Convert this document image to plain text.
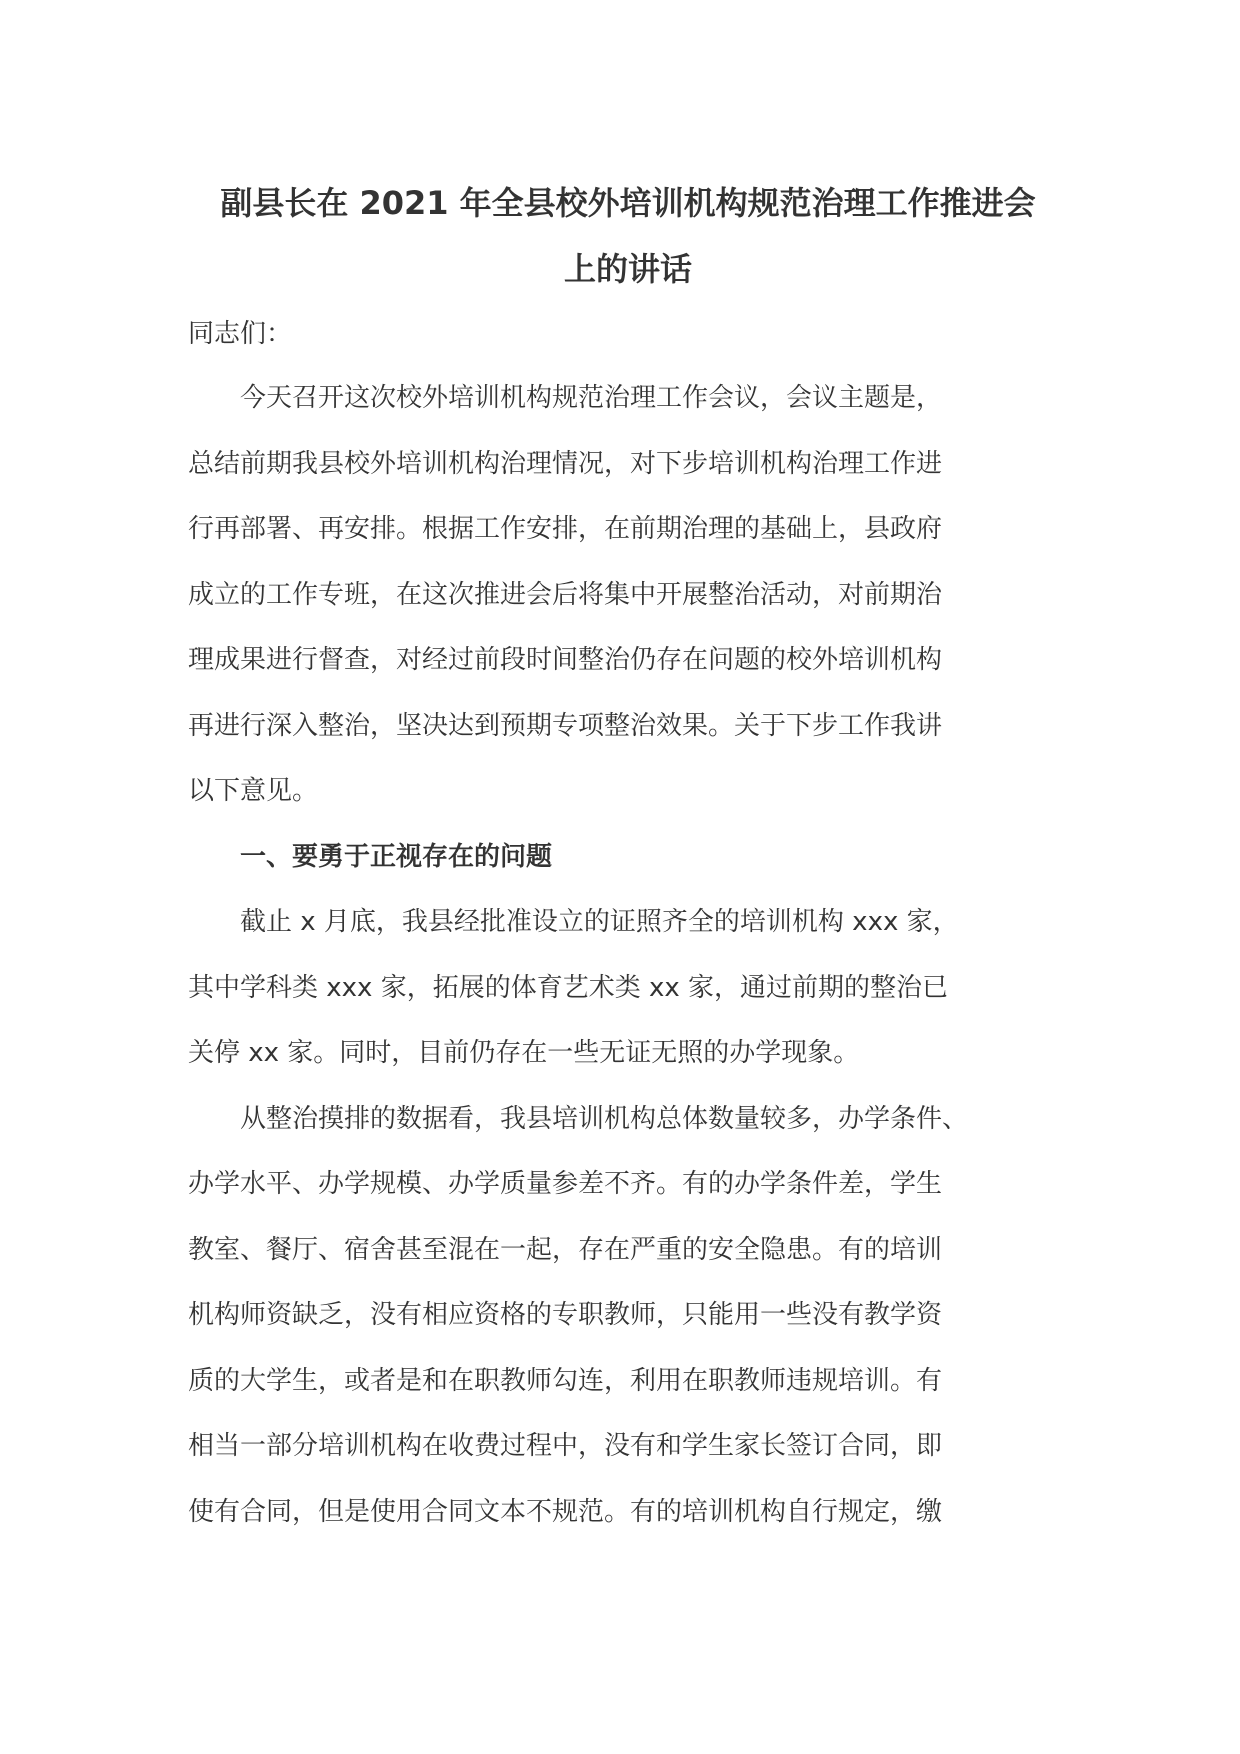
副县长在 2021 年全县校外培训机构规范治理工作推进会
上的讲话

同志们：

今天召开这次校外培训机构规范治理工作会议，会议主题是，
总结前期我县校外培训机构治理情况，对下步培训机构治理工作进
行再部署、再安排。根据工作安排，在前期治理的基础上，县政府
成立的工作专班，在这次推进会后将集中开展整治活动，对前期治
理成果进行督查，对经过前段时间整治仍存在问题的校外培训机构
再进行深入整治，坚决达到预期专项整治效果。关于下步工作我讲
以下意见。

一、要勇于正视存在的问题

截止 x 月底，我县经批准设立的证照齐全的培训机构 xxx 家，
其中学科类 xxx 家，拓展的体育艺术类 xx 家，通过前期的整治已
关停 xx 家。同时，目前仍存在一些无证无照的办学现象。

从整治摸排的数据看，我县培训机构总体数量较多，办学条件、
办学水平、办学规模、办学质量参差不齐。有的办学条件差，学生
教室、餐厅、宿舍甚至混在一起，存在严重的安全隐患。有的培训
机构师资缺乏，没有相应资格的专职教师，只能用一些没有教学资
质的大学生，或者是和在职教师勾连，利用在职教师违规培训。有
相当一部分培训机构在收费过程中，没有和学生家长签订合同，即
使有合同，但是使用合同文本不规范。有的培训机构自行规定，缴
